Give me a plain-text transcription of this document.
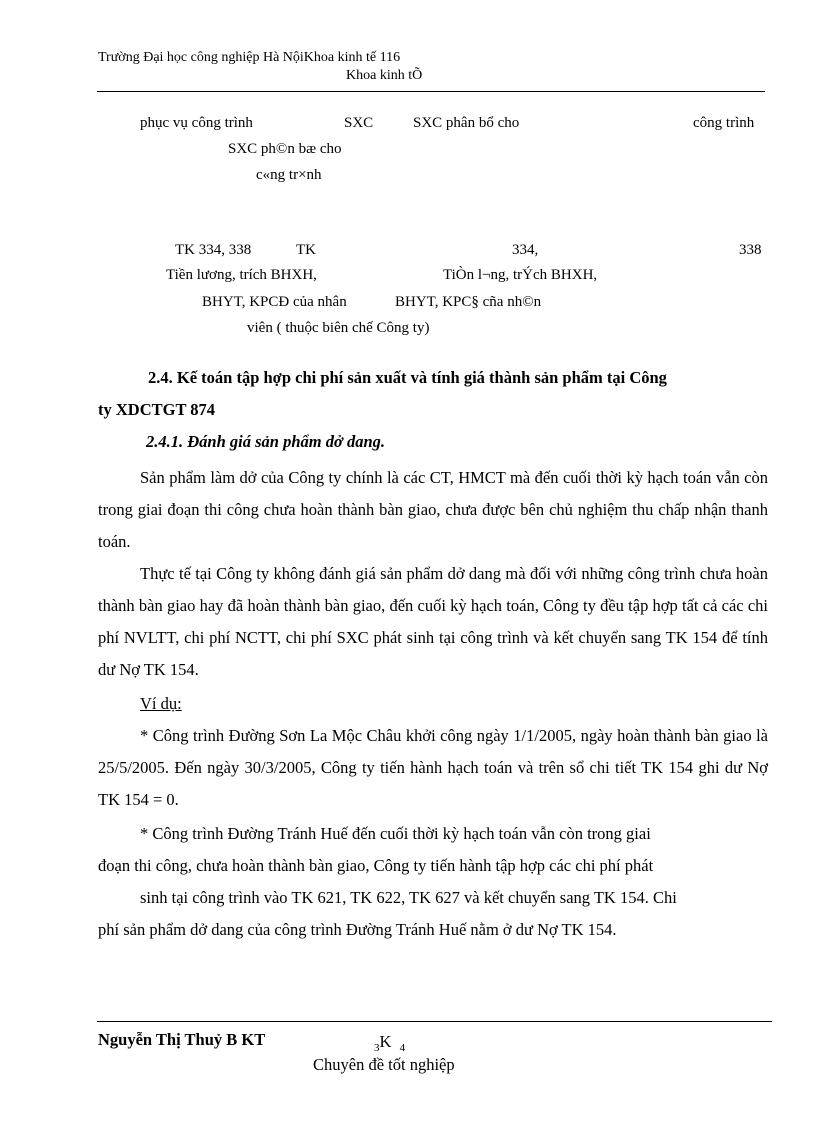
Trường Đại học công nghiệp Hà NộiKhoa kinh tế 116
Khoa kinh tÕ
phục vụ công trình	SXC	SXC phân bổ cho	công trình
SXC ph©n bæ cho
c«ng tr×nh
TK 334, 338	TK	334,	338
Tiền lương, trích BHXH,	TiÒn l¬ng, trÝch BHXH,
BHYT, KPCĐ của nhân	BHYT, KPC§ cña nh©n
viên ( thuộc biên chế Công ty)
2.4. Kế toán tập hợp chi phí sản xuất và tính giá thành sản phẩm tại Công
ty XDCTGT 874
2.4.1. Đánh giá sản phẩm dở dang.
Sản phẩm làm dở của Công ty chính là các CT, HMCT mà đến cuối thời kỳ hạch toán vẫn còn trong giai đoạn thi công chưa hoàn thành bàn giao, chưa được bên chủ nghiệm thu chấp nhận thanh toán.
Thực tế tại Công ty không đánh giá sản phẩm dở dang mà đối với những công trình chưa hoàn thành bàn giao hay đã hoàn thành bàn giao, đến cuối kỳ hạch toán, Công ty đều tập hợp tất cả các chi phí NVLTT, chi phí NCTT, chi phí SXC phát sinh tại công trình và kết chuyển sang TK 154 để tính dư Nợ TK 154.
Ví dụ:
* Công trình Đường Sơn La Mộc Châu khởi công ngày 1/1/2005, ngày hoàn thành bàn giao là 25/5/2005. Đến ngày 30/3/2005, Công ty tiến hành hạch toán và trên sổ chi tiết TK 154 ghi dư Nợ TK 154 = 0.
* Công trình Đường Tránh Huế đến cuối thời kỳ hạch toán vẫn còn trong giai
đoạn thi công, chưa hoàn thành bàn giao, Công ty tiến hành tập hợp các chi phí phát
sinh tại công trình vào TK 621, TK 622, TK 627 và kết chuyển sang TK 154. Chi
phí sản phẩm dở dang của công trình Đường Tránh Huế nằm ở dư Nợ TK 154.
Nguyễn Thị Thuỷ B KT	$_3$K $_4$
Chuyên đề tốt nghiệp
